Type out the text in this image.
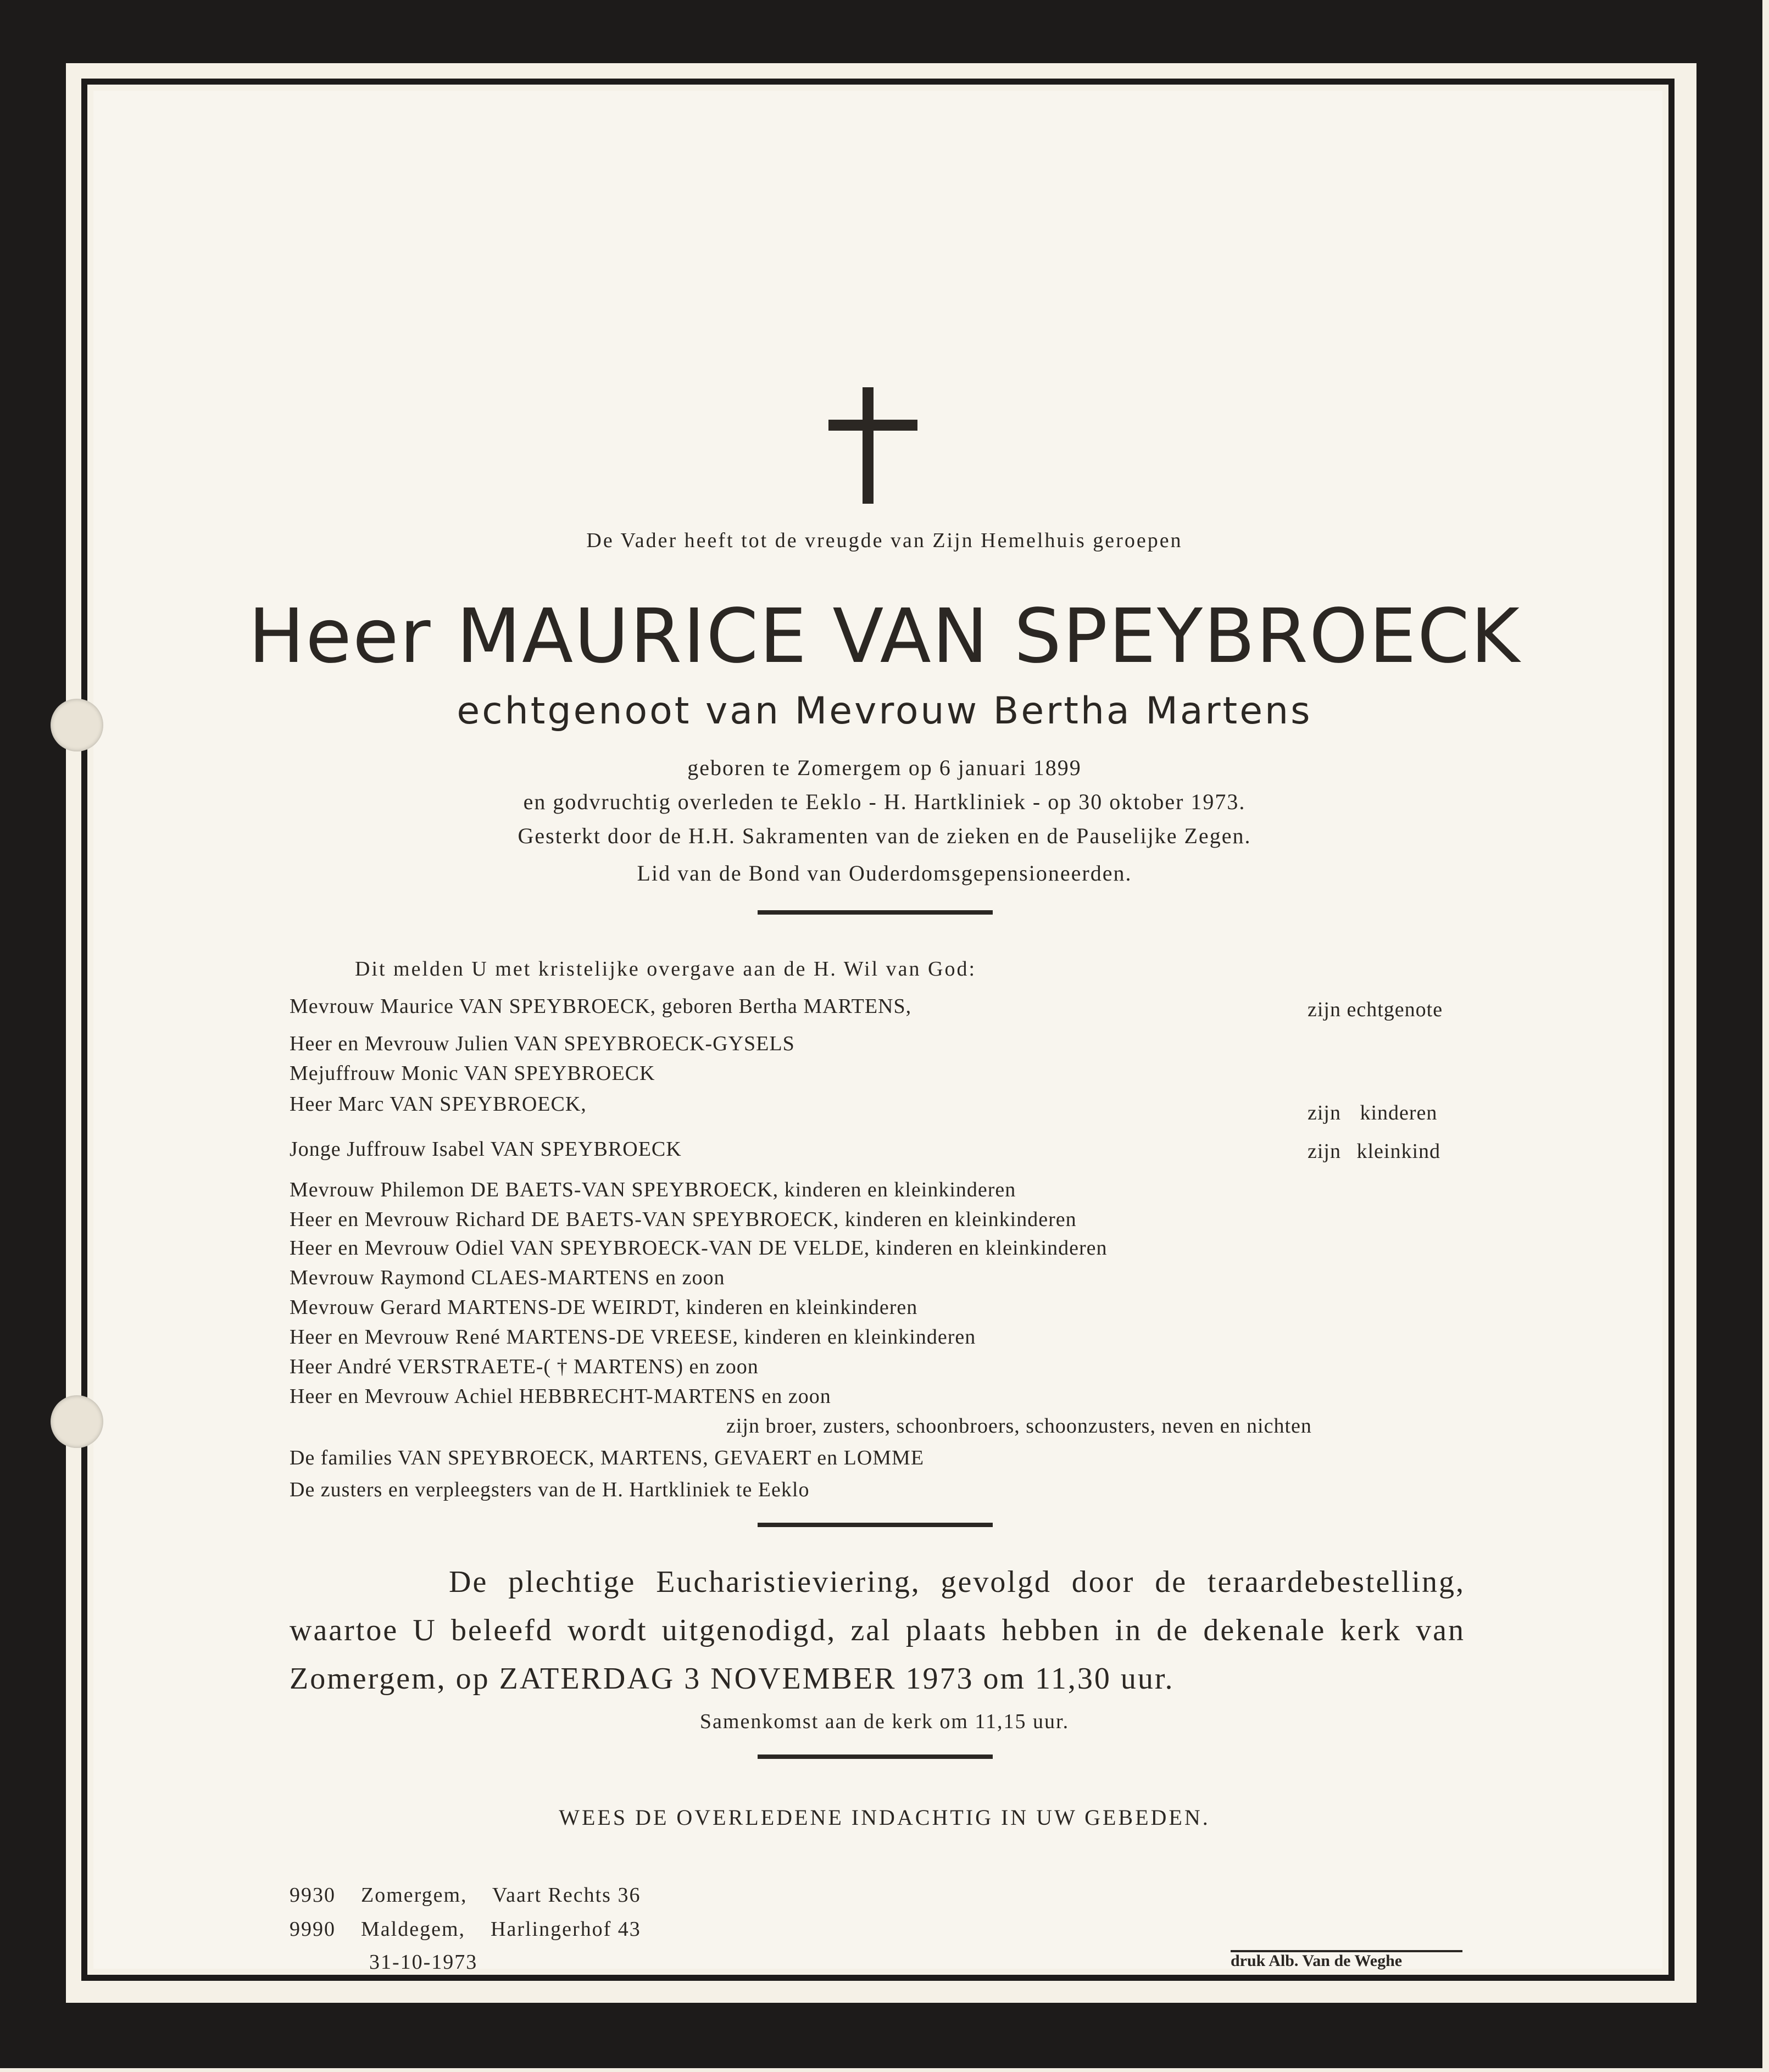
De Vader heeft tot de vreugde van Zijn Hemelhuis geroepen
Heer MAURICE VAN SPEYBROECK
echtgenoot van Mevrouw Bertha Martens
geboren te Zomergem op 6 januari 1899
en godvruchtig overleden te Eeklo - H. Hartkliniek - op 30 oktober 1973.
Gesterkt door de H.H. Sakramenten van de zieken en de Pauselijke Zegen.
Lid van de Bond van Ouderdomsgepensioneerden.
Dit melden U met kristelijke overgave aan de H. Wil van God:
Mevrouw Maurice VAN SPEYBROECK, geboren Bertha MARTENS,	zijn echtgenote
Heer en Mevrouw Julien VAN SPEYBROECK-GYSELS
Mejuffrouw Monic VAN SPEYBROECK
Heer Marc VAN SPEYBROECK,	zijn kinderen
Jonge Juffrouw Isabel VAN SPEYBROECK	zijn kleinkind
Mevrouw Philemon DE BAETS-VAN SPEYBROECK, kinderen en kleinkinderen
Heer en Mevrouw Richard DE BAETS-VAN SPEYBROECK, kinderen en kleinkinderen
Heer en Mevrouw Odiel VAN SPEYBROECK-VAN DE VELDE, kinderen en kleinkinderen
Mevrouw Raymond CLAES-MARTENS en zoon
Mevrouw Gerard MARTENS-DE WEIRDT, kinderen en kleinkinderen
Heer en Mevrouw René MARTENS-DE VREESE, kinderen en kleinkinderen
Heer André VERSTRAETE-( † MARTENS) en zoon
Heer en Mevrouw Achiel HEBBRECHT-MARTENS en zoon
zijn broer, zusters, schoonbroers, schoonzusters, neven en nichten
De families VAN SPEYBROECK, MARTENS, GEVAERT en LOMME
De zusters en verpleegsters van de H. Hartkliniek te Eeklo
De plechtige Eucharistieviering, gevolgd door de teraardebestelling,
waartoe U beleefd wordt uitgenodigd, zal plaats hebben in de dekenale kerk van
Zomergem, op ZATERDAG 3 NOVEMBER 1973 om 11,30 uur.
Samenkomst aan de kerk om 11,15 uur.
WEES DE OVERLEDENE INDACHTIG IN UW GEBEDEN.
9930 Zomergem, Vaart Rechts 36
9990 Maldegem, Harlingerhof 43
31-10-1973	druk Alb. Van de Weghe
